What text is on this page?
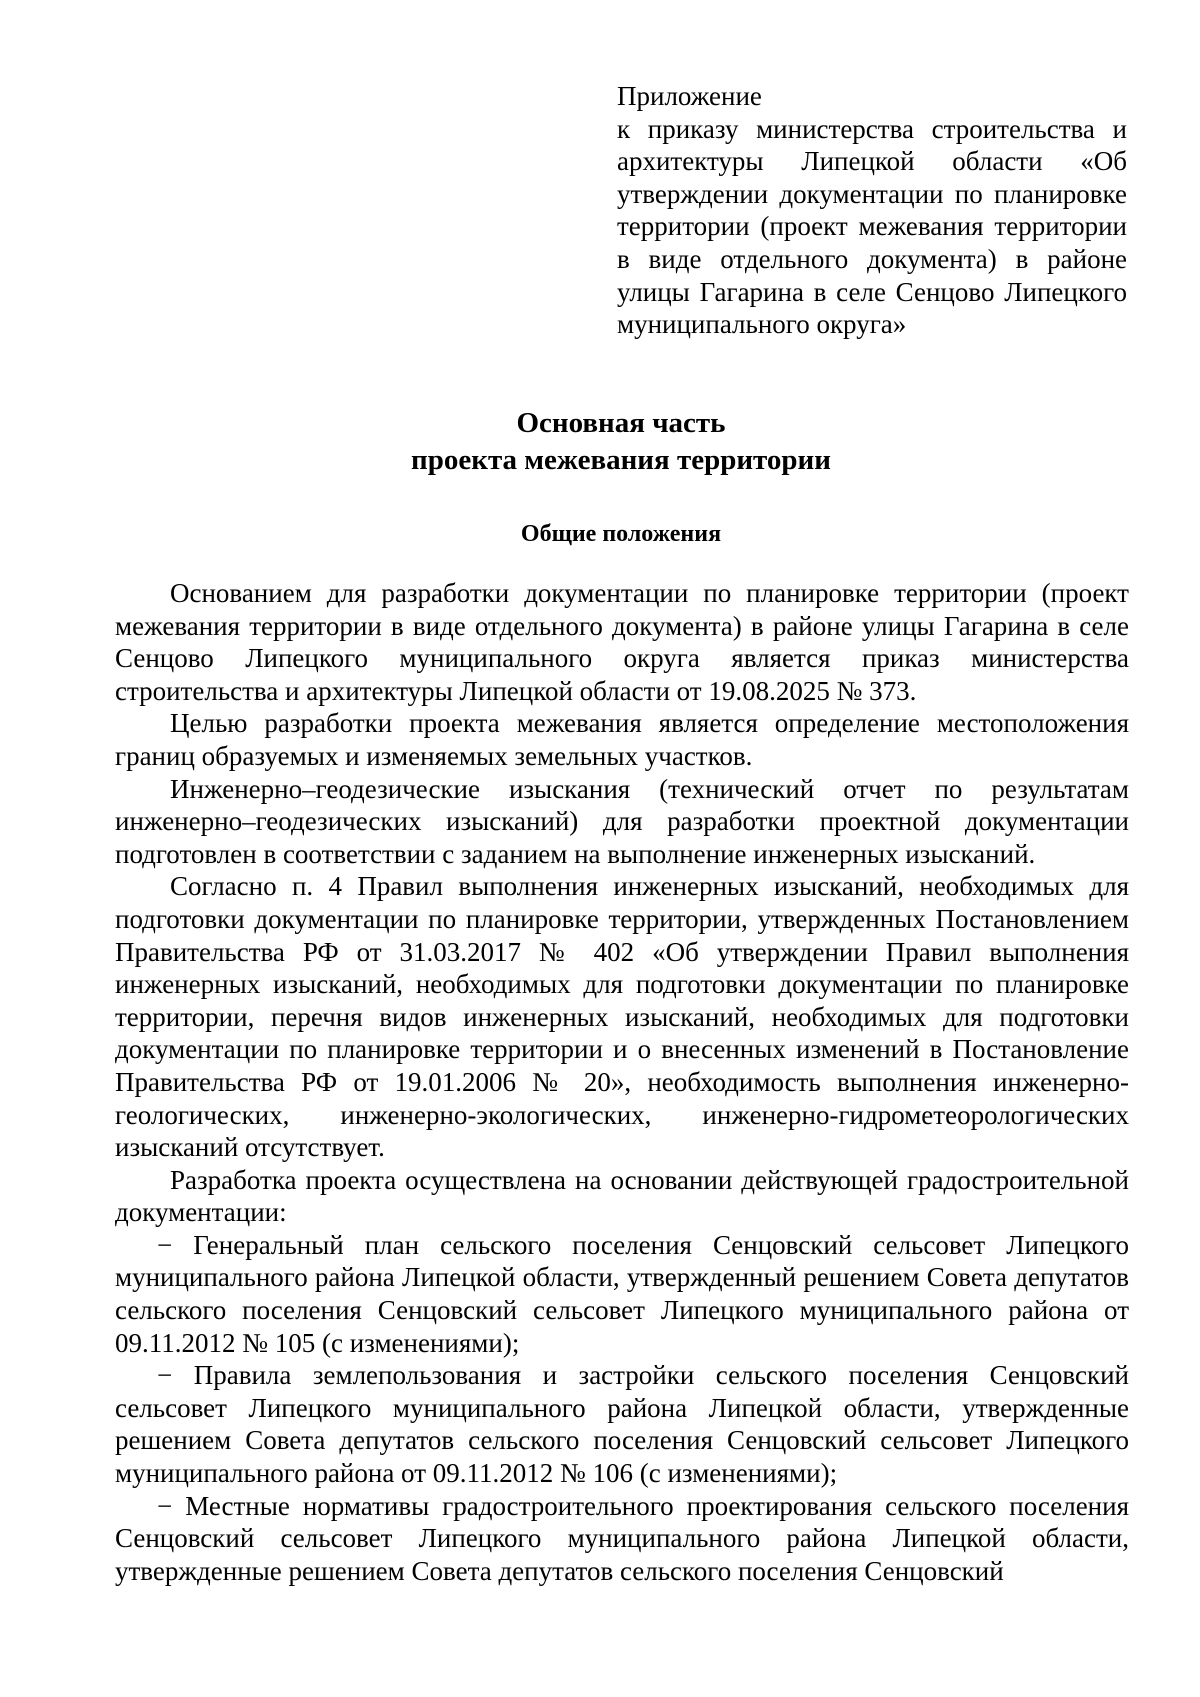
Приложение
к приказу министерства строительства и архитектуры Липецкой области «Об утверждении документации по планировке территории (проект межевания территории в виде отдельного документа) в районе улицы Гагарина в селе Сенцово Липецкого муниципального округа»
Основная часть
проекта межевания территории
Общие положения

Основанием для разработки документации по планировке территории (проект межевания территории в виде отдельного документа) в районе улицы Гагарина в селе Сенцово Липецкого муниципального округа является приказ министерства строительства и архитектуры Липецкой области от 19.08.2025 № 373.

Целью разработки проекта межевания является определение местоположения границ образуемых и изменяемых земельных участков.

Инженерно–геодезические изыскания (технический отчет по результатам инженерно–геодезических изысканий) для разработки проектной документации подготовлен в соответствии с заданием на выполнение инженерных изысканий.

Согласно п. 4 Правил выполнения инженерных изысканий, необходимых для подготовки документации по планировке территории, утвержденных Постановлением Правительства РФ от 31.03.2017 № 402 «Об утверждении Правил выполнения инженерных изысканий, необходимых для подготовки документации по планировке территории, перечня видов инженерных изысканий, необходимых для подготовки документации по планировке территории и о внесенных изменений в Постановление Правительства РФ от 19.01.2006 № 20», необходимость выполнения инженерно-геологических, инженерно-экологических, инженерно-гидрометеорологических изысканий отсутствует.

Разработка проекта осуществлена на основании действующей градостроительной документации:

− Генеральный план сельского поселения Сенцовский сельсовет Липецкого муниципального района Липецкой области, утвержденный решением Совета депутатов сельского поселения Сенцовский сельсовет Липецкого муниципального района от 09.11.2012 № 105 (с изменениями);

− Правила землепользования и застройки сельского поселения Сенцовский сельсовет Липецкого муниципального района Липецкой области, утвержденные решением Совета депутатов сельского поселения Сенцовский сельсовет Липецкого муниципального района от 09.11.2012 № 106 (с изменениями);

− Местные нормативы градостроительного проектирования сельского поселения Сенцовский сельсовет Липецкого муниципального района Липецкой области, утвержденные решением Совета депутатов сельского поселения Сенцовский
